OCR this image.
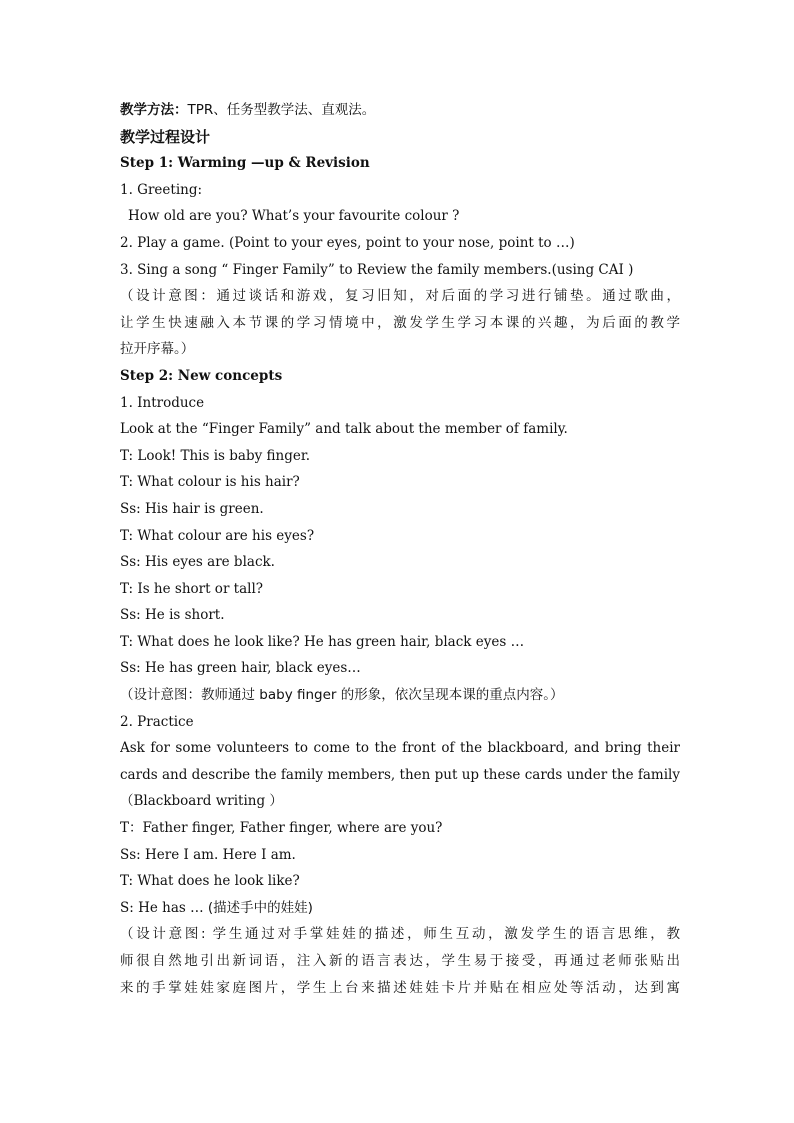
教学方法：TPR、任务型教学法、直观法。
教学过程设计
Step 1: Warming —up & Revision
1. Greeting:
How old are you? What’s your favourite colour ?
2. Play a game. (Point to your eyes, point to your nose, point to …)
3. Sing a song “ Finger Family” to Review the family members.(using CAI )
（设计意图：通过谈话和游戏，复习旧知，对后面的学习进行铺垫。通过歌曲，
让学生快速融入本节课的学习情境中，激发学生学习本课的兴趣，为后面的教学
拉开序幕。）
Step 2: New concepts
1. Introduce
Look at the “Finger Family” and talk about the member of family.
T: Look! This is baby finger.
T: What colour is his hair?
Ss: His hair is green.
T: What colour are his eyes?
Ss: His eyes are black.
T: Is he short or tall?
Ss: He is short.
T: What does he look like? He has green hair, black eyes …
Ss: He has green hair, black eyes…
（设计意图：教师通过 baby finger 的形象，依次呈现本课的重点内容。）
2. Practice
Ask for some volunteers to come to the front of the blackboard, and bring their
cards and describe the family members, then put up these cards under the family
（Blackboard writing ）
T：Father finger, Father finger, where are you?
Ss: Here I am. Here I am.
T: What does he look like?
S: He has … (描述手中的娃娃)
（设计意图: 学生通过对手掌娃娃的描述，师生互动，激发学生的语言思维，教
师很自然地引出新词语，注入新的语言表达，学生易于接受，再通过老师张贴出
来的手掌娃娃家庭图片，学生上台来描述娃娃卡片并贴在相应处等活动，达到寓
